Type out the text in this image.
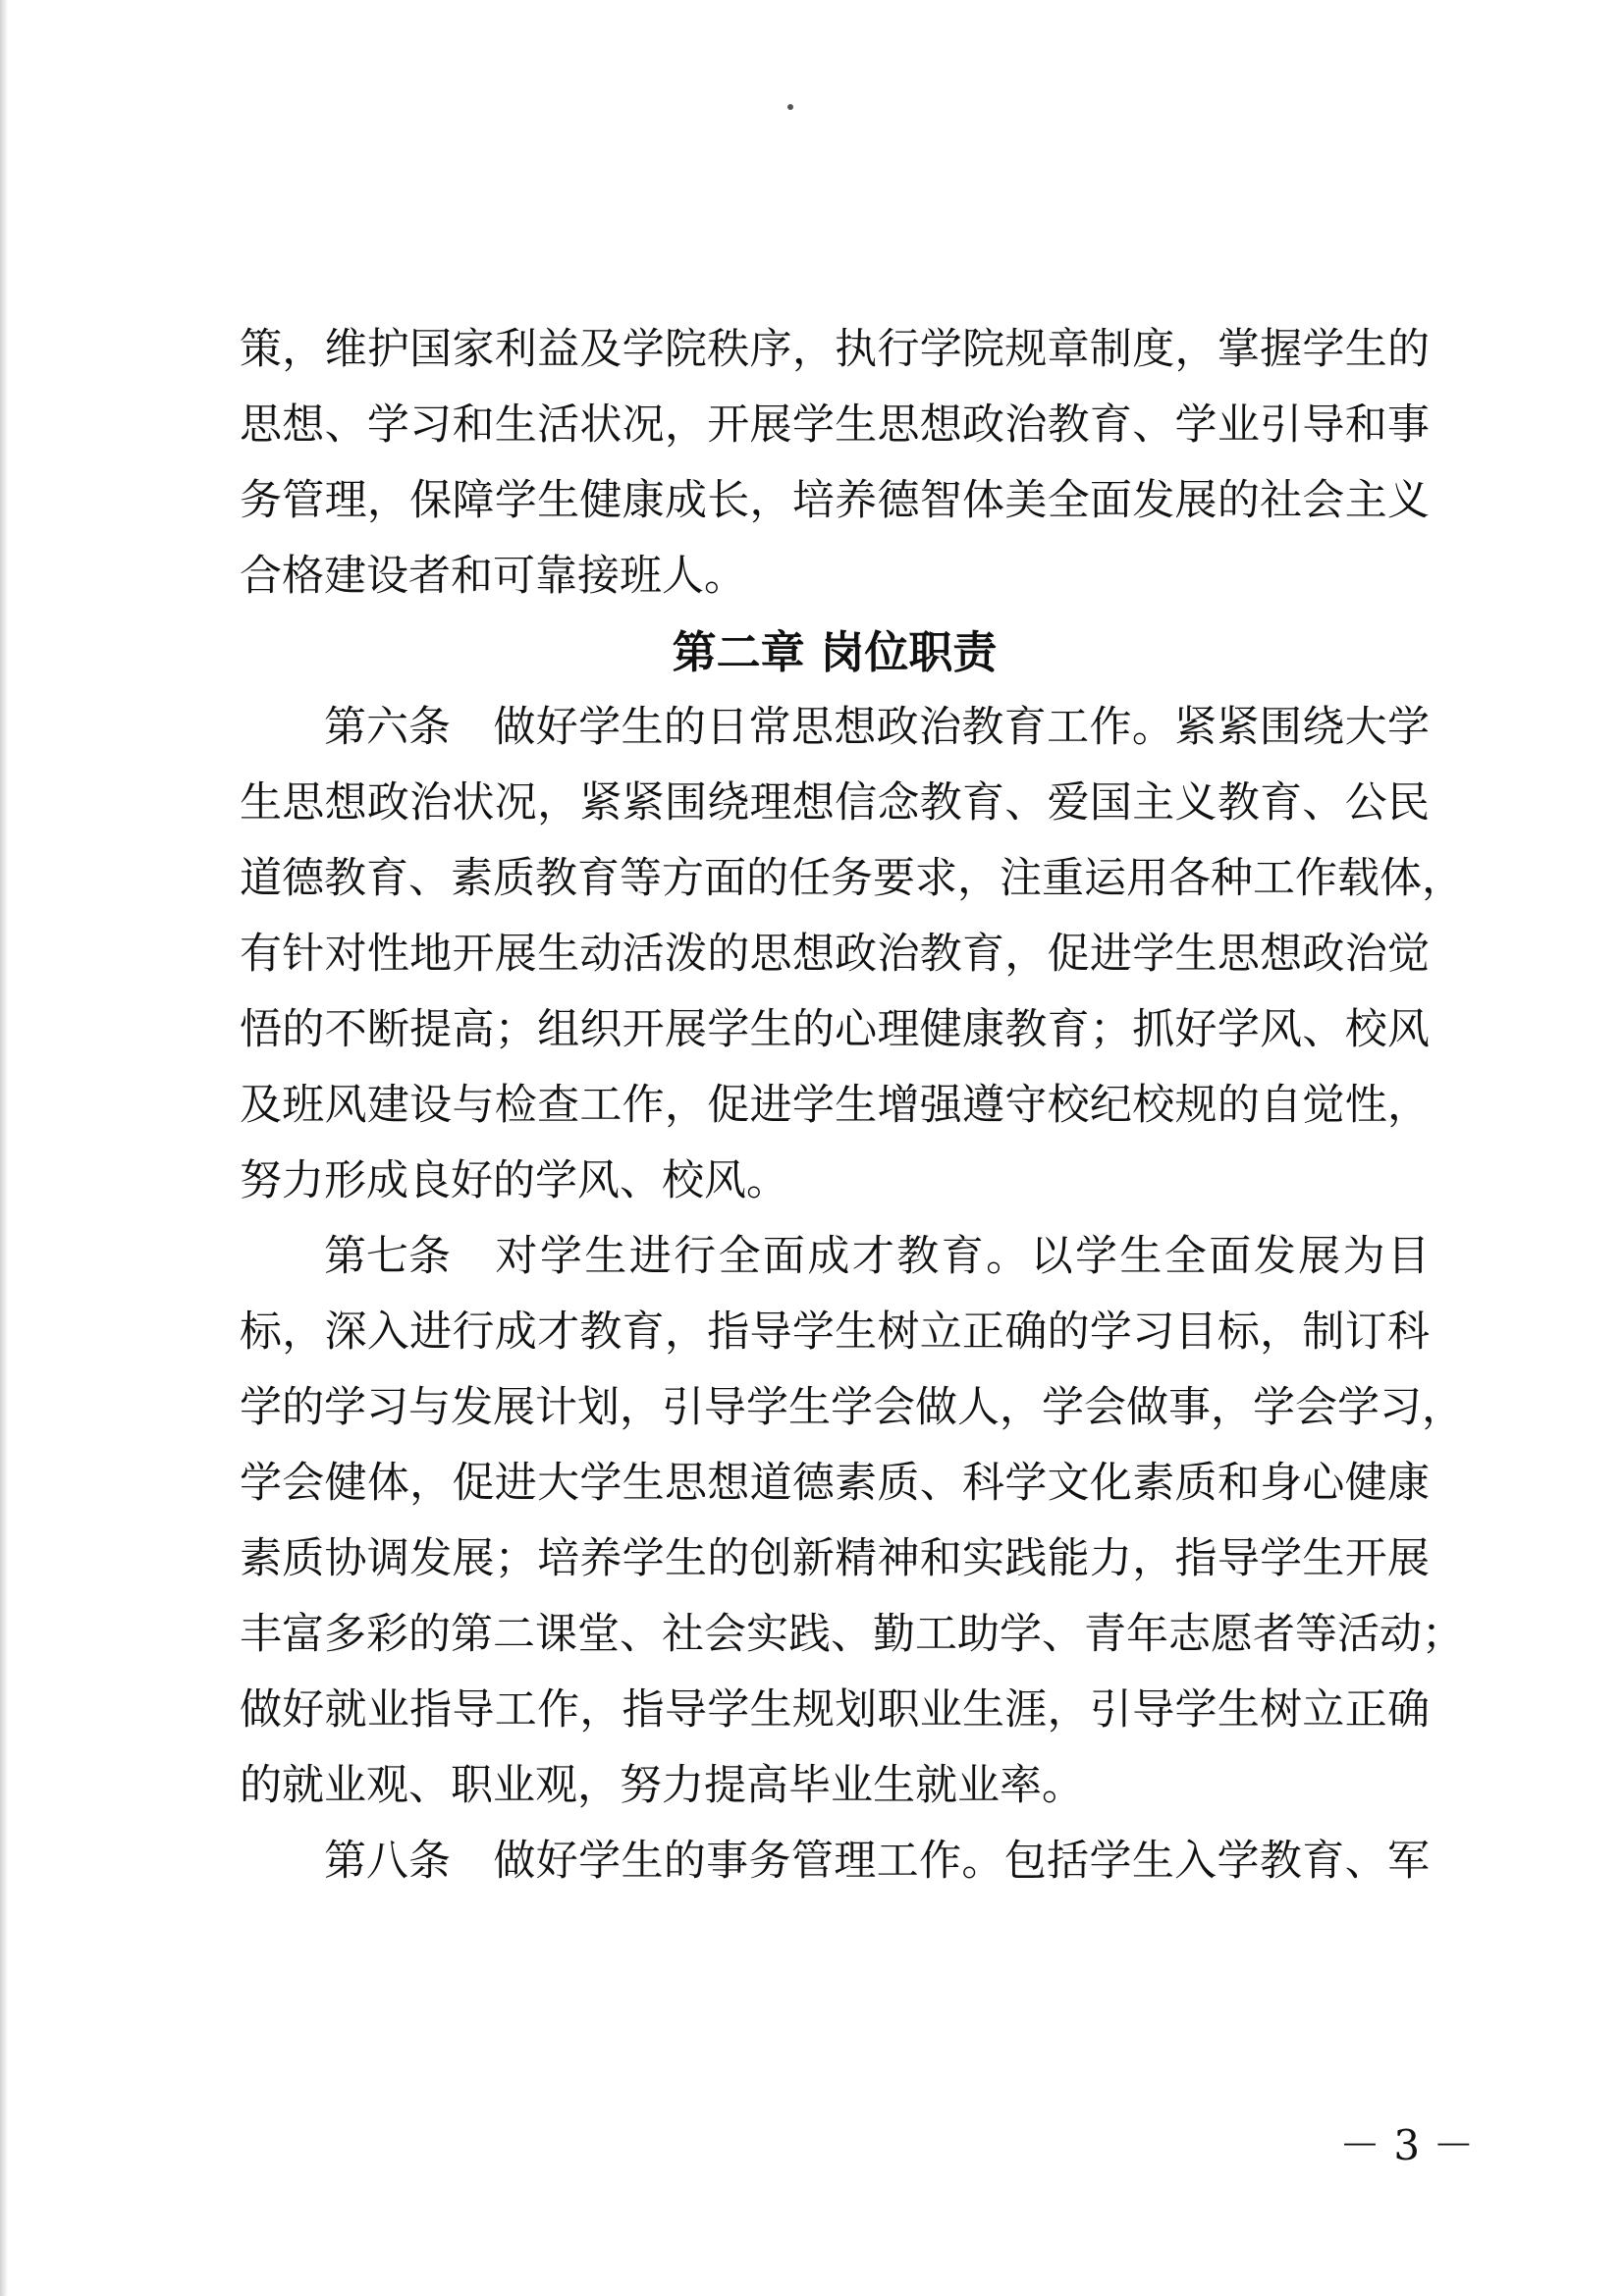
策，维护国家利益及学院秩序，执行学院规章制度，掌握学生的
思想、学习和生活状况，开展学生思想政治教育、学业引导和事
务管理，保障学生健康成长，培养德智体美全面发展的社会主义
合格建设者和可靠接班人。
第二章 岗位职责
第六条 做好学生的日常思想政治教育工作。紧紧围绕大学
生思想政治状况，紧紧围绕理想信念教育、爱国主义教育、公民
道德教育、素质教育等方面的任务要求，注重运用各种工作载体，
有针对性地开展生动活泼的思想政治教育，促进学生思想政治觉
悟的不断提高；组织开展学生的心理健康教育；抓好学风、校风
及班风建设与检查工作，促进学生增强遵守校纪校规的自觉性，
努力形成良好的学风、校风。
第七条 对学生进行全面成才教育。以学生全面发展为目
标，深入进行成才教育，指导学生树立正确的学习目标，制订科
学的学习与发展计划，引导学生学会做人，学会做事，学会学习，
学会健体，促进大学生思想道德素质、科学文化素质和身心健康
素质协调发展；培养学生的创新精神和实践能力，指导学生开展
丰富多彩的第二课堂、社会实践、勤工助学、青年志愿者等活动；
做好就业指导工作，指导学生规划职业生涯，引导学生树立正确
的就业观、职业观，努力提高毕业生就业率。
第八条 做好学生的事务管理工作。包括学生入学教育、军
－ 3 －
